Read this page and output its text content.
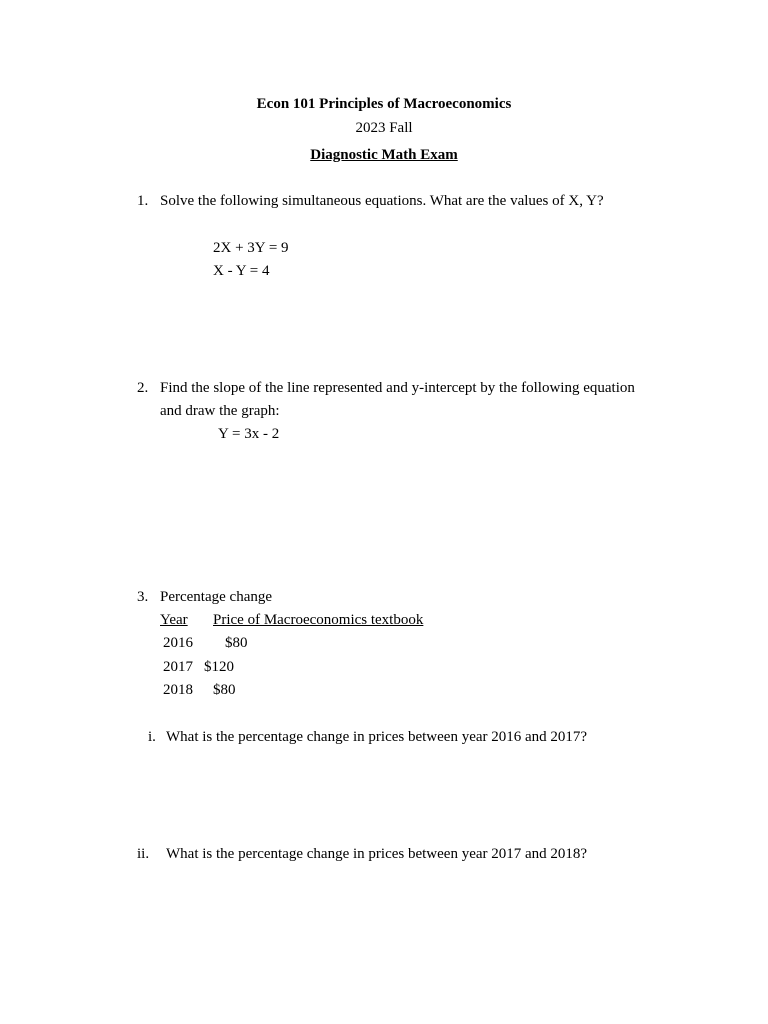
Econ 101 Principles of Macroeconomics
2023 Fall
Diagnostic Math Exam
1. Solve the following simultaneous equations. What are the values of X, Y?
2X + 3Y = 9
X - Y = 4
2. Find the slope of the line represented and y-intercept by the following equation
and draw the graph:
Y = 3x - 2
3. Percentage change
Year Price of Macroeconomics textbook
2016 $80
2017 $120
2018 $80
i. What is the percentage change in prices between year 2016 and 2017?
ii. What is the percentage change in prices between year 2017 and 2018?
